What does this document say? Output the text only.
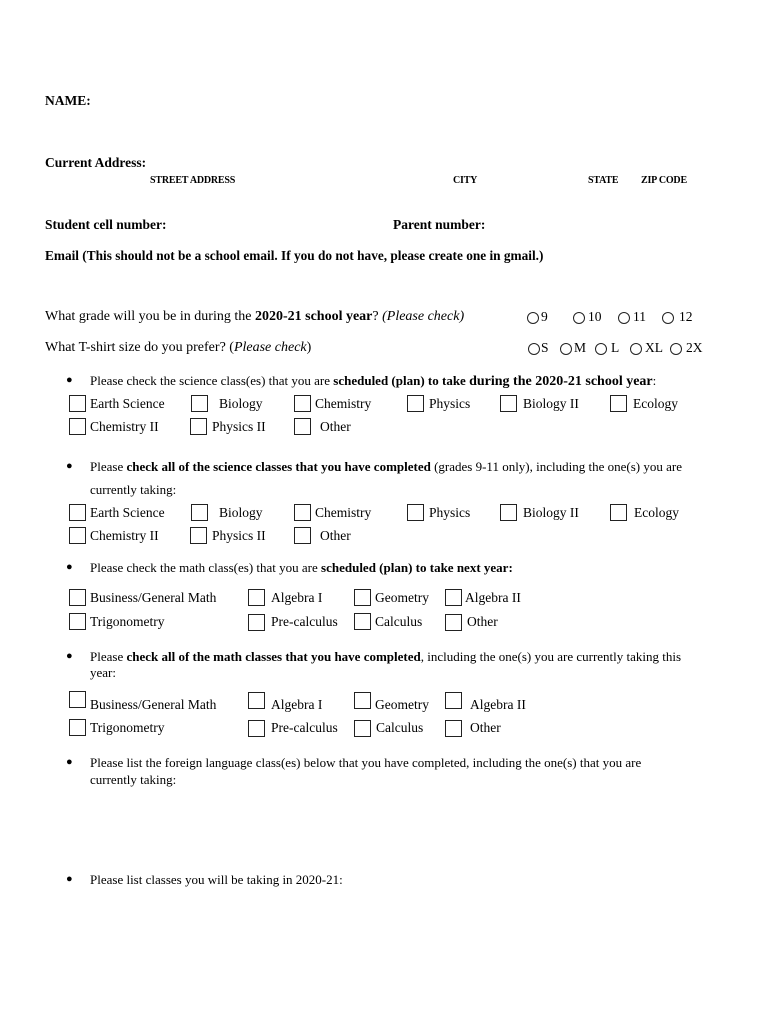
NAME:
Current Address:
STREET ADDRESS	CITY	STATE ZIP CODE
Student cell number:	Parent number:
Email (This should not be a school email. If you do not have, please create one in gmail.)
What grade will you be in during the 2020-21 school year? (Please check)	9	10 11 12
What T-shirt size do you prefer? (Please check)	S M L XL 2X
● Please check the science class(es) that you are scheduled (plan) to take during the 2020-21 school year:
Earth Science	Biology	Chemistry	Physics	Biology II	Ecology
Chemistry II	Physics II	Other
● Please check all of the science classes that you have completed (grades 9-11 only), including the one(s) you are
currently taking:
Earth Science	Biology	Chemistry	Physics	Biology II	Ecology
Chemistry II	Physics II	Other
● Please check the math class(es) that you are scheduled (plan) to take next year:
Business/General Math	Algebra I	Geometry	Algebra II
Trigonometry	Pre-calculus	Calculus	Other
● Please check all of the math classes that you have completed, including the one(s) you are currently taking this
year:
Business/General Math	Algebra I	Geometry	Algebra II
Trigonometry	Pre-calculus	Calculus	Other
● Please list the foreign language class(es) below that you have completed, including the one(s) that you are
currently taking:
● Please list classes you will be taking in 2020-21:
